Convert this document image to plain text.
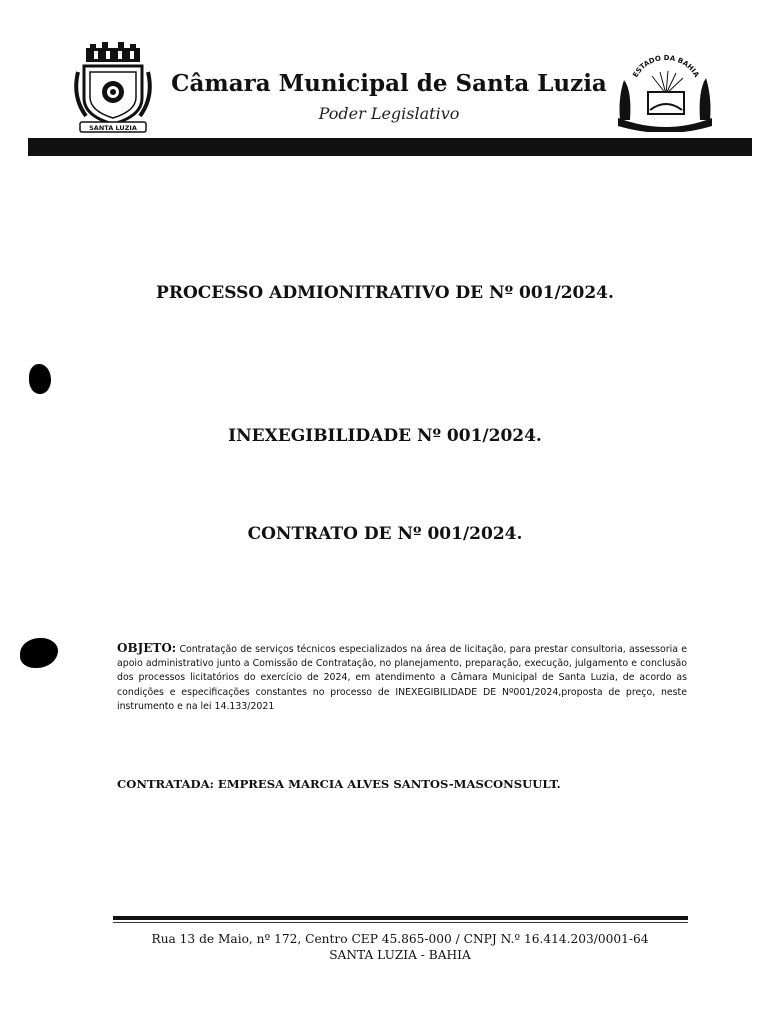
SANTA LUZIA
Câmara Municipal de Santa Luzia
Poder Legislativo
ESTADO DA BAHIA
PROCESSO ADMIONITRATIVO DE Nº 001/2024.
INEXEGIBILIDADE Nº 001/2024.
CONTRATO DE Nº 001/2024.
OBJETO: Contratação de serviços técnicos especializados na área de licitação, para prestar consultoria, assessoria e apoio administrativo junto a Comissão de Contratação, no planejamento, preparação, execução, julgamento e conclusão dos processos licitatórios do exercício de 2024, em atendimento a Câmara Municipal de Santa Luzia, de acordo as condições e especificações constantes no processo de INEXEGIBILIDADE DE Nº001/2024,proposta de preço, neste instrumento e na lei 14.133/2021
CONTRATADA: EMPRESA MARCIA ALVES SANTOS-MASCONSUULT.
Rua 13 de Maio, nº 172, Centro CEP 45.865-000 / CNPJ N.º 16.414.203/0001-64
SANTA LUZIA - BAHIA
